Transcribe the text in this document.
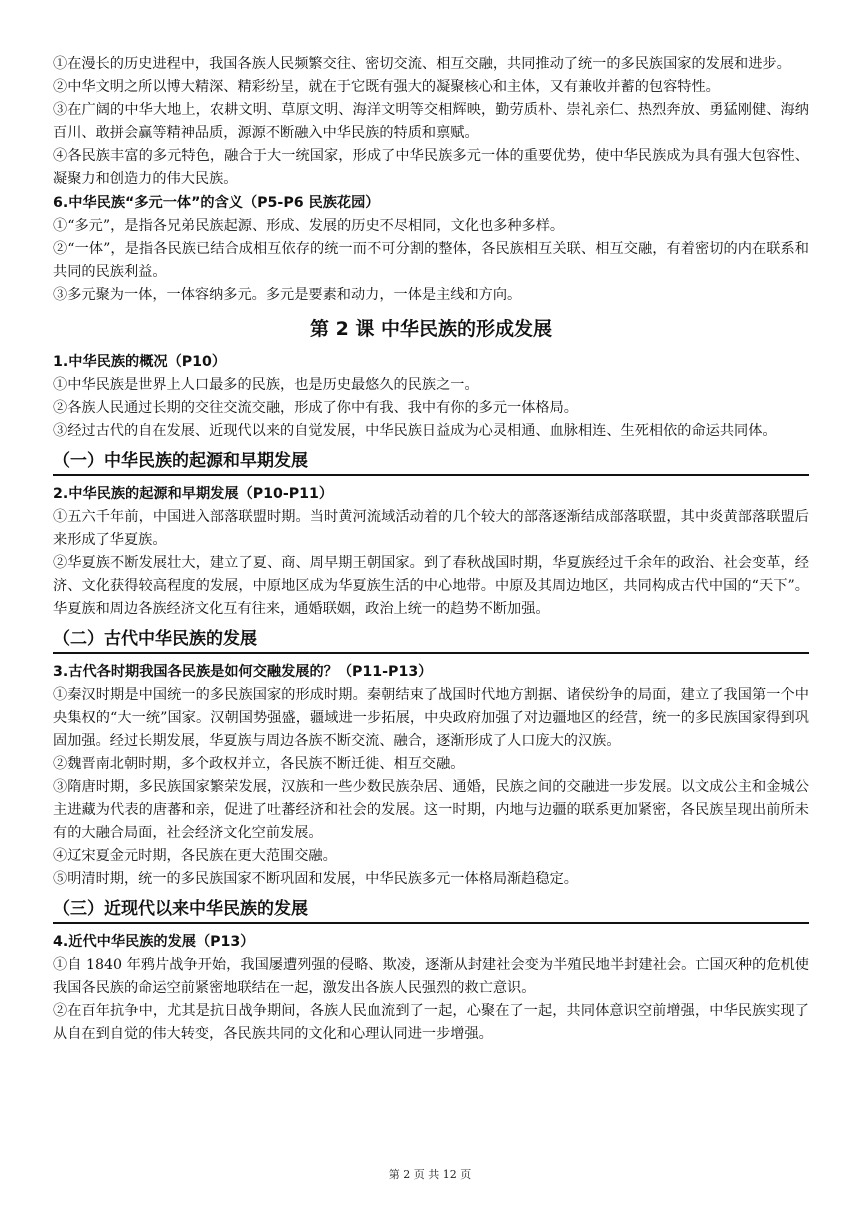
①在漫长的历史进程中，我国各族人民频繁交往、密切交流、相互交融，共同推动了统一的多民族国家的发展和进步。

②中华文明之所以博大精深、精彩纷呈，就在于它既有强大的凝聚核心和主体，又有兼收并蓄的包容特性。

③在广阔的中华大地上，农耕文明、草原文明、海洋文明等交相辉映，勤劳质朴、崇礼亲仁、热烈奔放、勇猛刚健、海纳百川、敢拼会赢等精神品质，源源不断融入中华民族的特质和禀赋。

④各民族丰富的多元特色，融合于大一统国家，形成了中华民族多元一体的重要优势，使中华民族成为具有强大包容性、凝聚力和创造力的伟大民族。

6.中华民族“多元一体”的含义（P5-P6 民族花园）

①“多元”，是指各兄弟民族起源、形成、发展的历史不尽相同，文化也多种多样。

②“一体”，是指各民族已结合成相互依存的统一而不可分割的整体，各民族相互关联、相互交融，有着密切的内在联系和共同的民族利益。

③多元聚为一体，一体容纳多元。多元是要素和动力，一体是主线和方向。

第 2 课 中华民族的形成发展

1.中华民族的概况（P10）

①中华民族是世界上人口最多的民族，也是历史最悠久的民族之一。

②各族人民通过长期的交往交流交融，形成了你中有我、我中有你的多元一体格局。

③经过古代的自在发展、近现代以来的自觉发展，中华民族日益成为心灵相通、血脉相连、生死相依的命运共同体。

（一）中华民族的起源和早期发展

2.中华民族的起源和早期发展（P10-P11）

①五六千年前，中国进入部落联盟时期。当时黄河流域活动着的几个较大的部落逐渐结成部落联盟，其中炎黄部落联盟后来形成了华夏族。

②华夏族不断发展壮大，建立了夏、商、周早期王朝国家。到了春秋战国时期，华夏族经过千余年的政治、社会变革，经济、文化获得较高程度的发展，中原地区成为华夏族生活的中心地带。中原及其周边地区，共同构成古代中国的“天下”。华夏族和周边各族经济文化互有往来，通婚联姻，政治上统一的趋势不断加强。

（二）古代中华民族的发展

3.古代各时期我国各民族是如何交融发展的？（P11-P13）

①秦汉时期是中国统一的多民族国家的形成时期。秦朝结束了战国时代地方割据、诸侯纷争的局面，建立了我国第一个中央集权的“大一统”国家。汉朝国势强盛，疆域进一步拓展，中央政府加强了对边疆地区的经营，统一的多民族国家得到巩固加强。经过长期发展，华夏族与周边各族不断交流、融合，逐渐形成了人口庞大的汉族。

②魏晋南北朝时期，多个政权并立，各民族不断迁徙、相互交融。

③隋唐时期，多民族国家繁荣发展，汉族和一些少数民族杂居、通婚，民族之间的交融进一步发展。以文成公主和金城公主进藏为代表的唐蕃和亲，促进了吐蕃经济和社会的发展。这一时期，内地与边疆的联系更加紧密，各民族呈现出前所未有的大融合局面，社会经济文化空前发展。

④辽宋夏金元时期，各民族在更大范围交融。

⑤明清时期，统一的多民族国家不断巩固和发展，中华民族多元一体格局渐趋稳定。

（三）近现代以来中华民族的发展

4.近代中华民族的发展（P13）

①自 1840 年鸦片战争开始，我国屡遭列强的侵略、欺凌，逐渐从封建社会变为半殖民地半封建社会。亡国灭种的危机使我国各民族的命运空前紧密地联结在一起，激发出各族人民强烈的救亡意识。

②在百年抗争中，尤其是抗日战争期间，各族人民血流到了一起，心聚在了一起，共同体意识空前增强，中华民族实现了从自在到自觉的伟大转变，各民族共同的文化和心理认同进一步增强。

第 2 页 共 12 页
